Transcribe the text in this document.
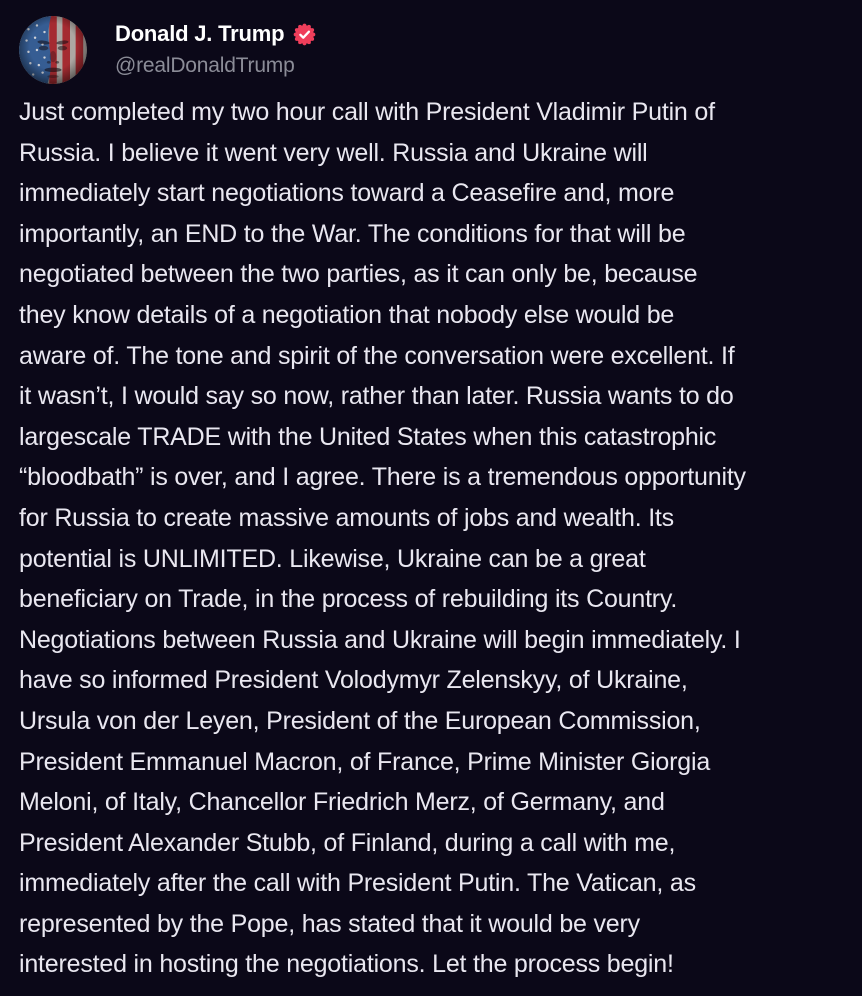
Donald J. Trump
@realDonaldTrump
Just completed my two hour call with President Vladimir Putin of
Russia. I believe it went very well. Russia and Ukraine will
immediately start negotiations toward a Ceasefire and, more
importantly, an END to the War. The conditions for that will be
negotiated between the two parties, as it can only be, because
they know details of a negotiation that nobody else would be
aware of. The tone and spirit of the conversation were excellent. If
it wasn’t, I would say so now, rather than later. Russia wants to do
largescale TRADE with the United States when this catastrophic
“bloodbath” is over, and I agree. There is a tremendous opportunity
for Russia to create massive amounts of jobs and wealth. Its
potential is UNLIMITED. Likewise, Ukraine can be a great
beneficiary on Trade, in the process of rebuilding its Country.
Negotiations between Russia and Ukraine will begin immediately. I
have so informed President Volodymyr Zelenskyy, of Ukraine,
Ursula von der Leyen, President of the European Commission,
President Emmanuel Macron, of France, Prime Minister Giorgia
Meloni, of Italy, Chancellor Friedrich Merz, of Germany, and
President Alexander Stubb, of Finland, during a call with me,
immediately after the call with President Putin. The Vatican, as
represented by the Pope, has stated that it would be very
interested in hosting the negotiations. Let the process begin!
